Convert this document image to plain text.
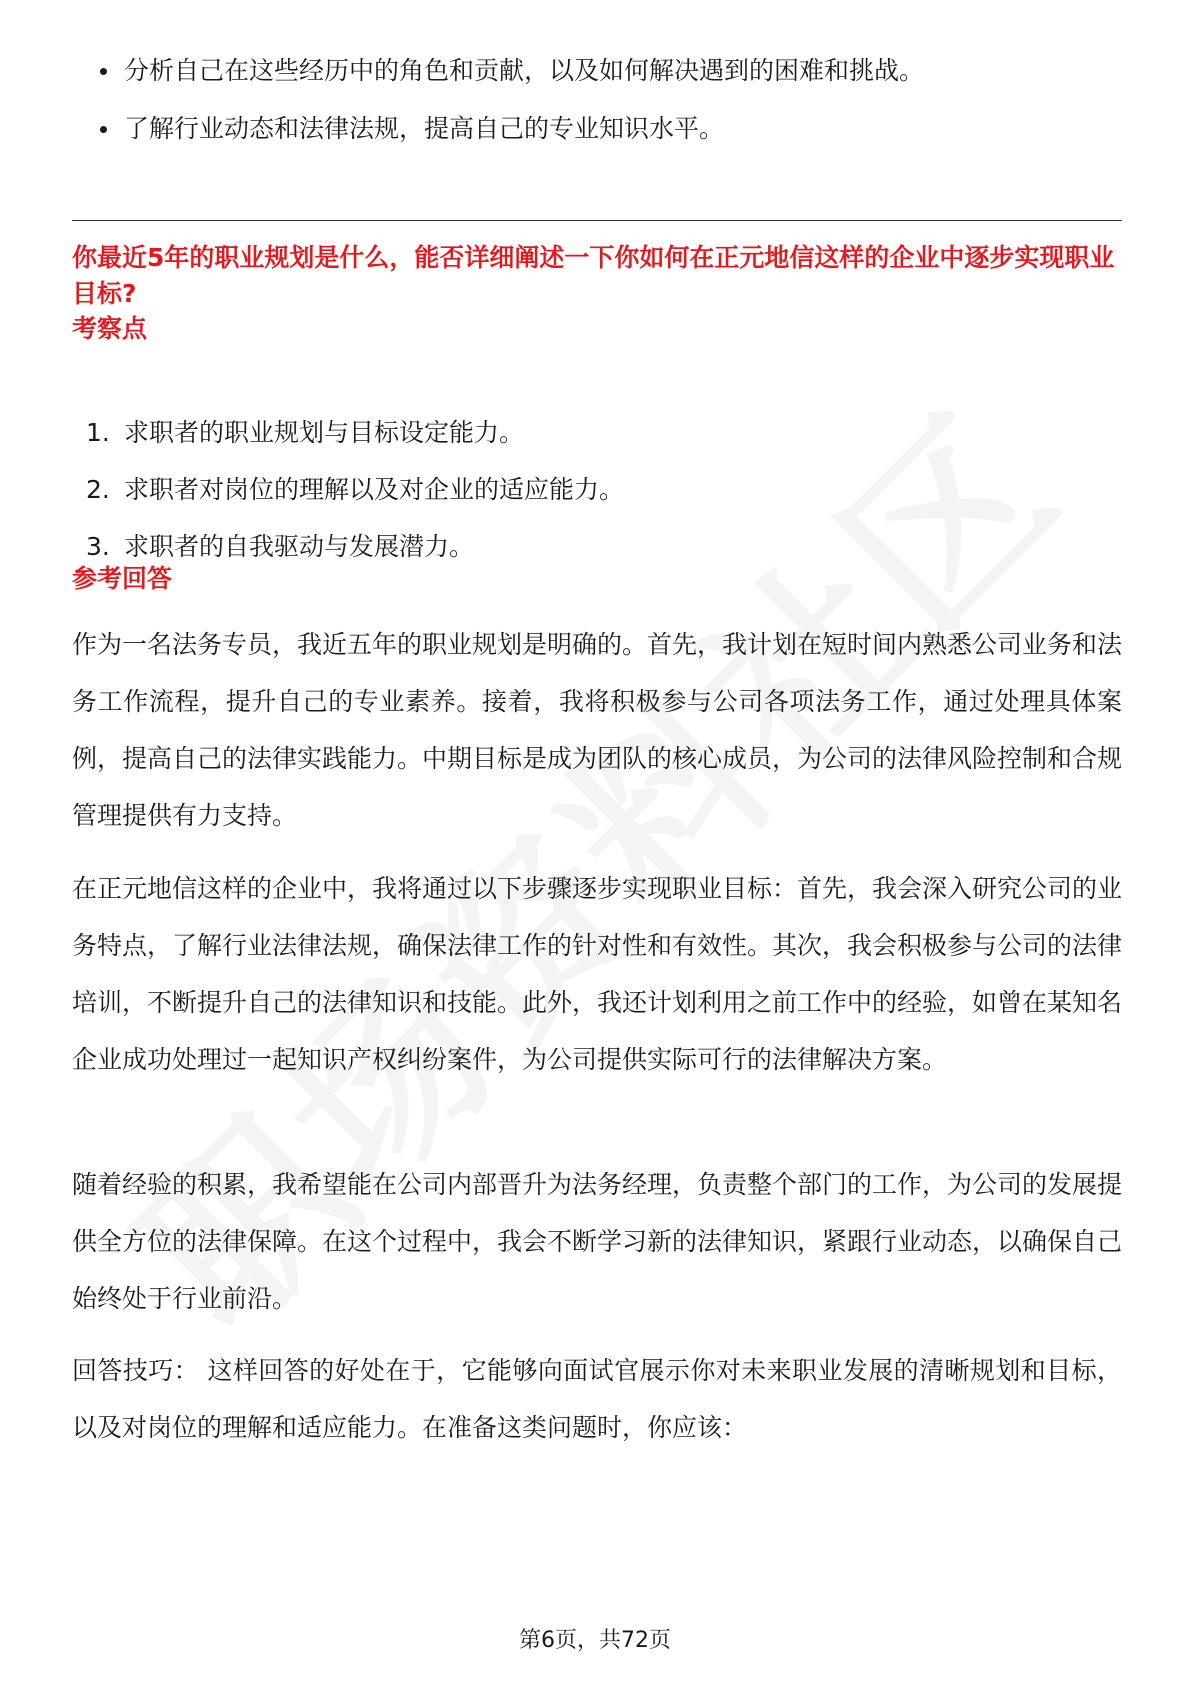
分析自己在这些经历中的角色和贡献，以及如何解决遇到的困难和挑战。
了解行业动态和法律法规，提高自己的专业知识水平。
你最近5年的职业规划是什么，能否详细阐述一下你如何在正元地信这样的企业中逐步实现职业目标?
考察点
1. 求职者的职业规划与目标设定能力。
2. 求职者对岗位的理解以及对企业的适应能力。
3. 求职者的自我驱动与发展潜力。
参考回答

作为一名法务专员，我近五年的职业规划是明确的。首先，我计划在短时间内熟悉公司业务和法务工作流程，提升自己的专业素养。接着，我将积极参与公司各项法务工作，通过处理具体案例，提高自己的法律实践能力。中期目标是成为团队的核心成员，为公司的法律风险控制和合规管理提供有力支持。

在正元地信这样的企业中，我将通过以下步骤逐步实现职业目标：首先，我会深入研究公司的业务特点，了解行业法律法规，确保法律工作的针对性和有效性。其次，我会积极参与公司的法律培训，不断提升自己的法律知识和技能。此外，我还计划利用之前工作中的经验，如曾在某知名企业成功处理过一起知识产权纠纷案件，为公司提供实际可行的法律解决方案。

随着经验的积累，我希望能在公司内部晋升为法务经理，负责整个部门的工作，为公司的发展提供全方位的法律保障。在这个过程中，我会不断学习新的法律知识，紧跟行业动态，以确保自己始终处于行业前沿。

回答技巧： 这样回答的好处在于，它能够向面试官展示你对未来职业发展的清晰规划和目标，以及对岗位的理解和适应能力。在准备这类问题时，你应该：

第6页，共72页
